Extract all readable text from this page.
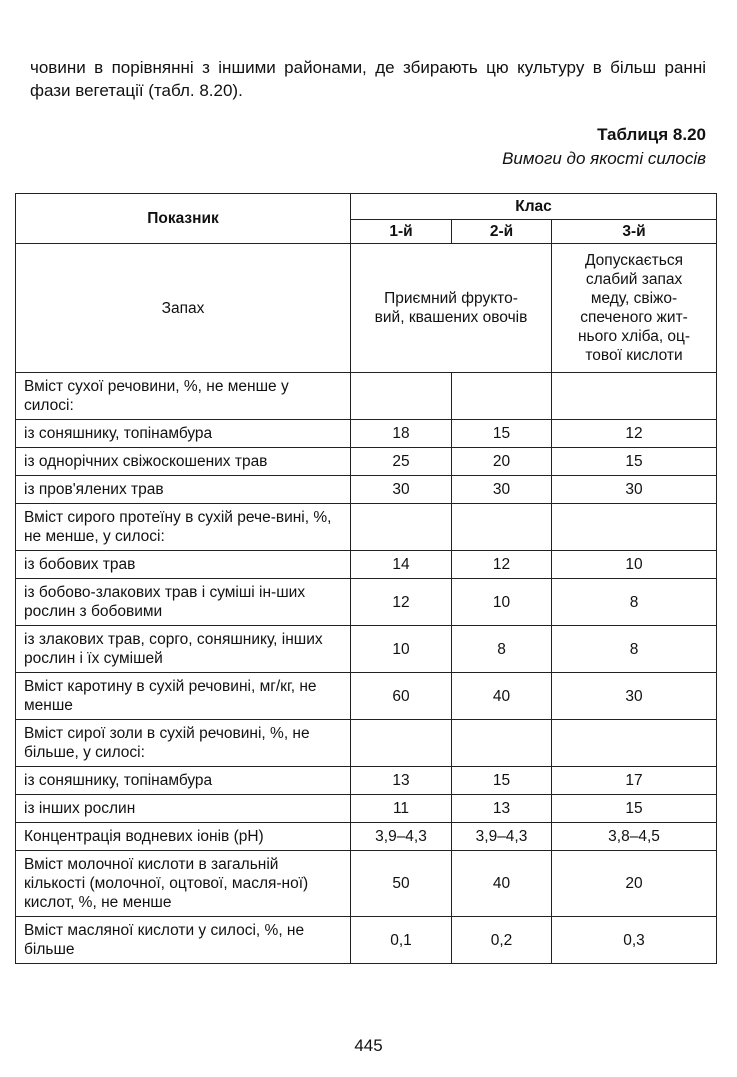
човини в порівнянні з іншими районами, де збирають цю культуру в більш ранні фази вегетації (табл. 8.20).

Таблиця 8.20
Вимоги до якості силосів
Показник	Клас		
	1-й	2-й	3-й
Запах	Приємний фрукто-вий, квашених овочів		Допускається слабий запах меду, свіжо-спеченого жит-нього хліба, оц-тової кислоти

Вміст сухої речовини, %, не менше у силосі:			
із соняшнику, топінамбура	18	15	12
із однорічних свіжоскошених трав	25	20	15
із пров'ялених трав	30	30	30
Вміст сирого протеїну в сухій рече-вині, %, не менше, у силосі:			
із бобових трав	14	12	10
із бобово-злакових трав і суміші ін-ших рослин з бобовими	12	10	8
із злакових трав, сорго, соняшнику, інших рослин і їх сумішей	10	8	8
Вміст каротину в сухій речовині, мг/кг, не менше	60	40	30
Вміст сирої золи в сухій речовині, %, не більше, у силосі:			
із соняшнику, топінамбура	13	15	17
із інших рослин	11	13	15
Концентрація водневих іонів (pH)	3,9–4,3	3,9–4,3	3,8–4,5
Вміст молочної кислоти в загальній кількості (молочної, оцтової, масля-ної) кислот, %, не менше	50	40	20
Вміст масляної кислоти у силосі, %, не більше	0,1	0,2	0,3
445
